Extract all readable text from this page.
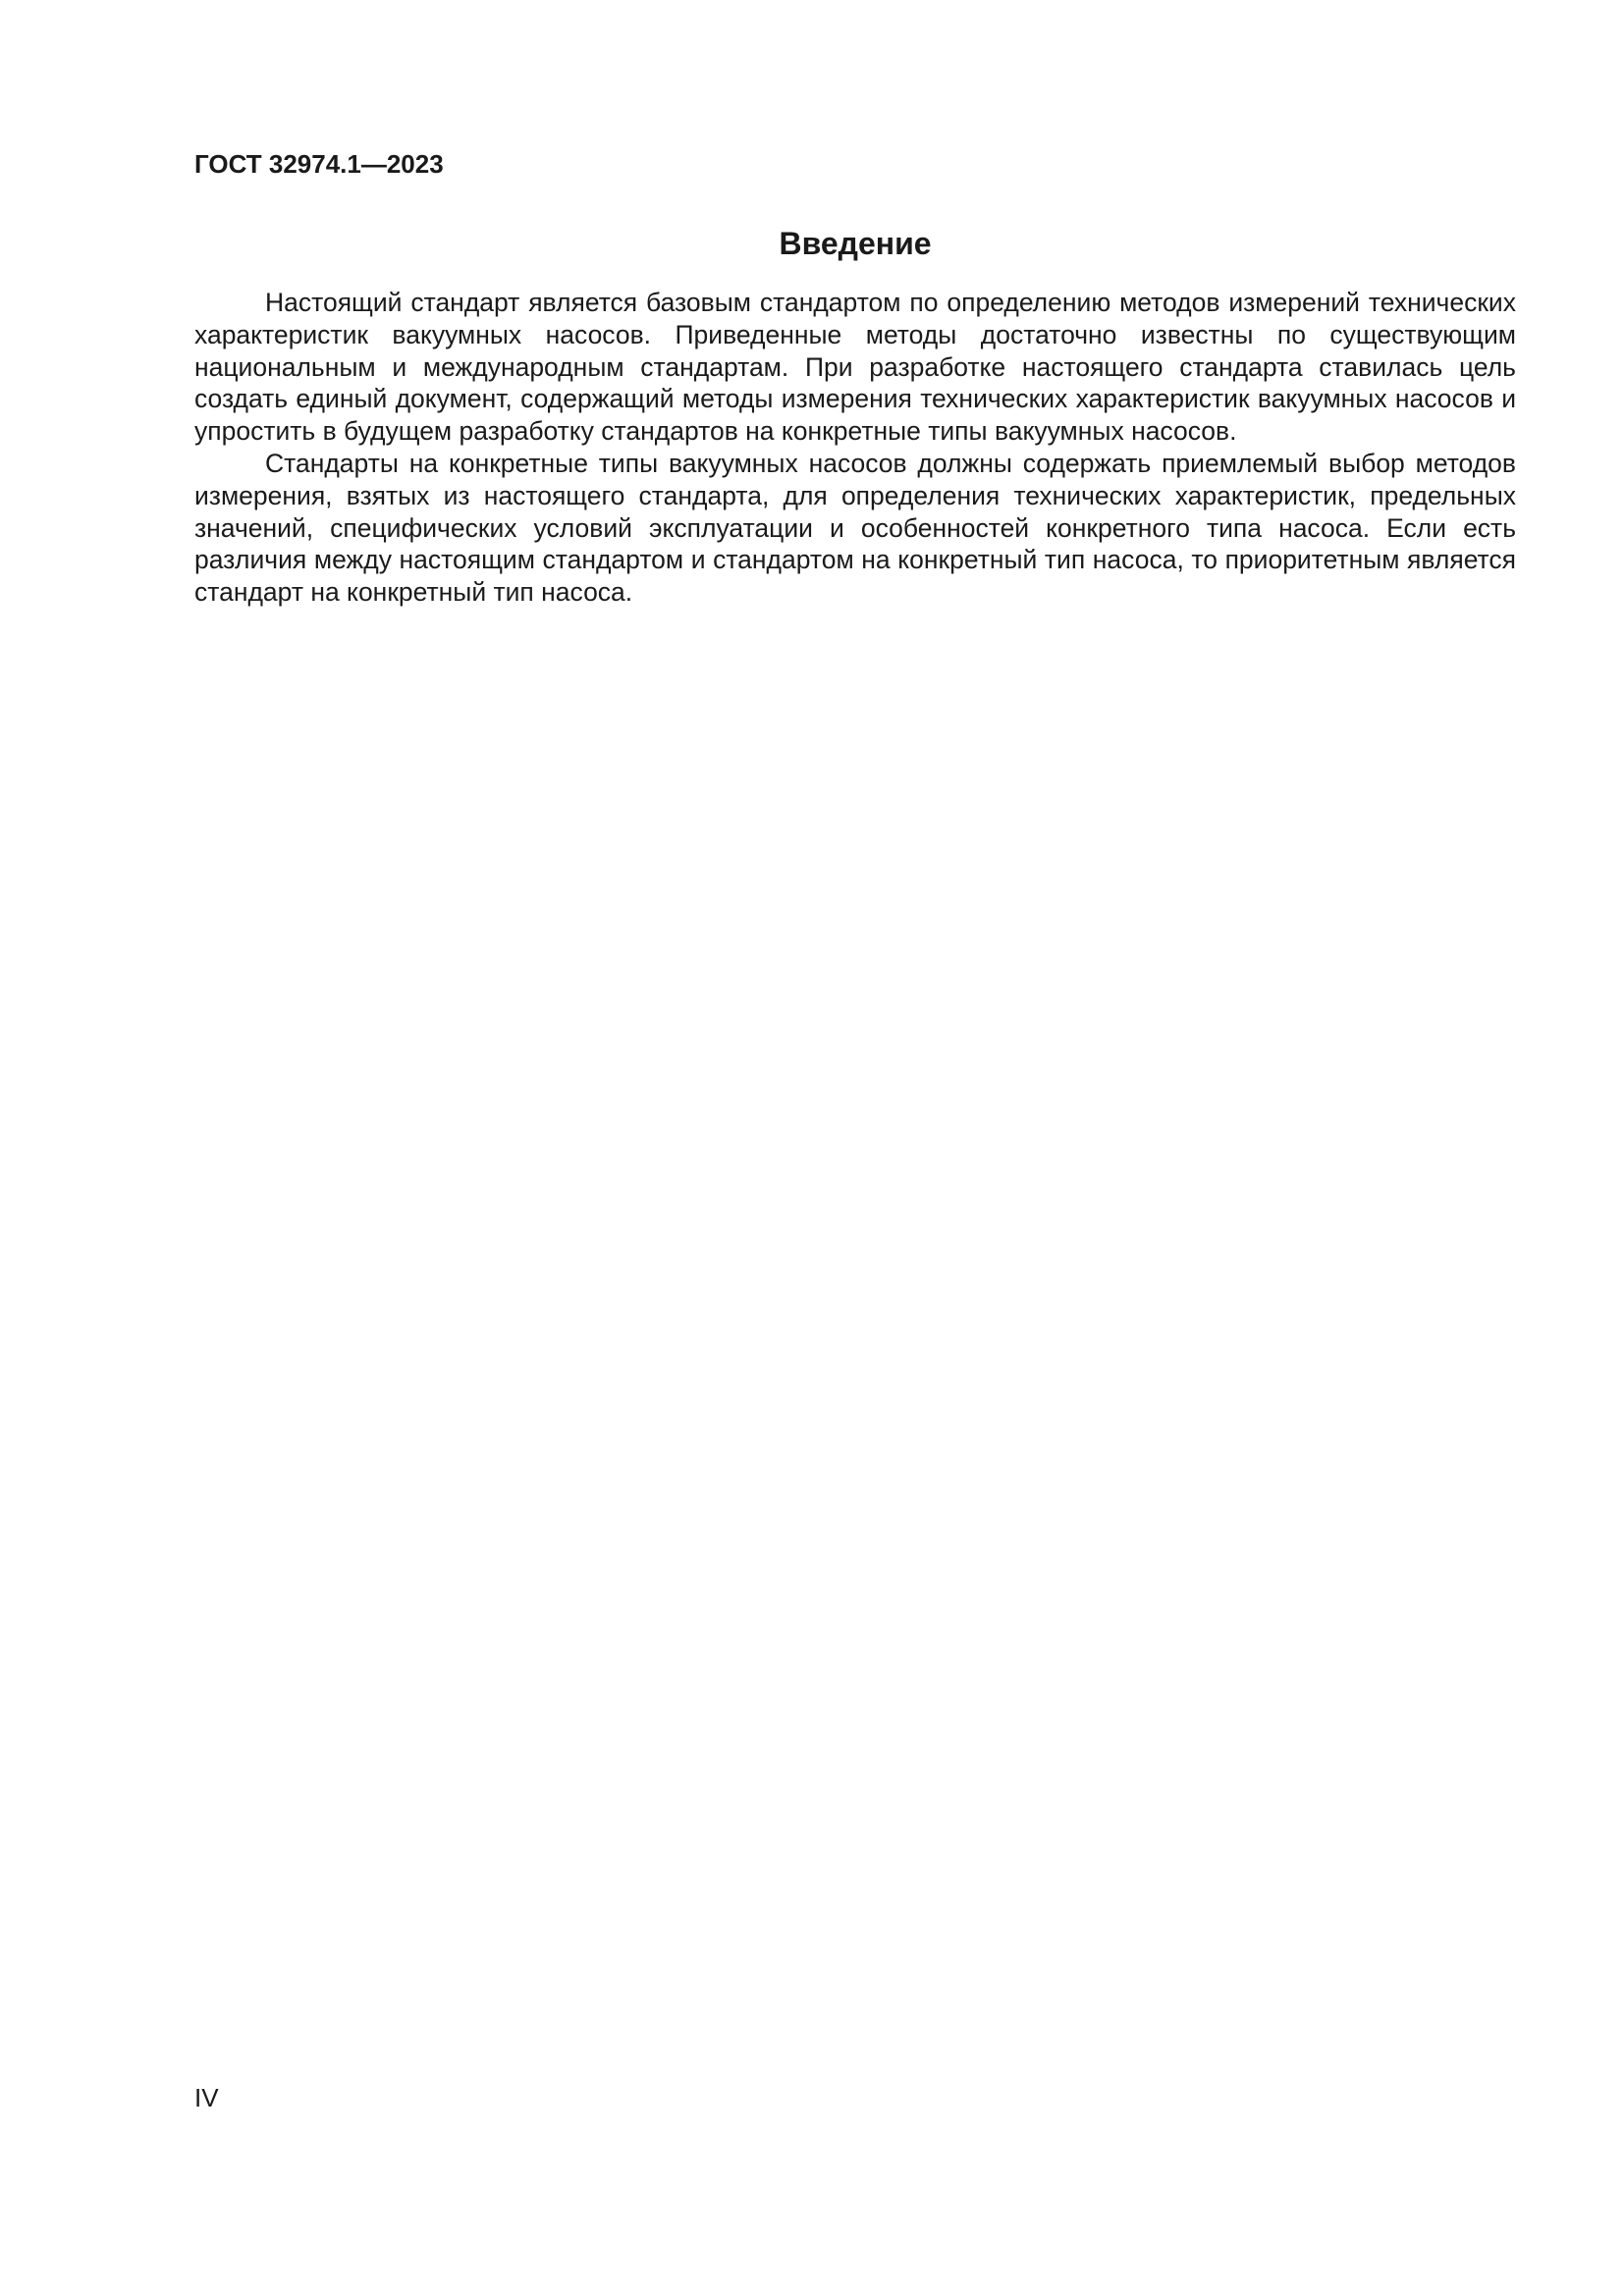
ГОСТ 32974.1—2023
Введение

Настоящий стандарт является базовым стандартом по определению методов измерений технических характеристик вакуумных насосов. Приведенные методы достаточно известны по существующим национальным и международным стандартам. При разработке настоящего стандарта ставилась цель создать единый документ, содержащий методы измерения технических характеристик вакуумных насосов и упростить в будущем разработку стандартов на конкретные типы вакуумных насосов.

Стандарты на конкретные типы вакуумных насосов должны содержать приемлемый выбор методов измерения, взятых из настоящего стандарта, для определения технических характеристик, предельных значений, специфических условий эксплуатации и особенностей конкретного типа насоса. Если есть различия между настоящим стандартом и стандартом на конкретный тип насоса, то приоритетным является стандарт на конкретный тип насоса.

IV
